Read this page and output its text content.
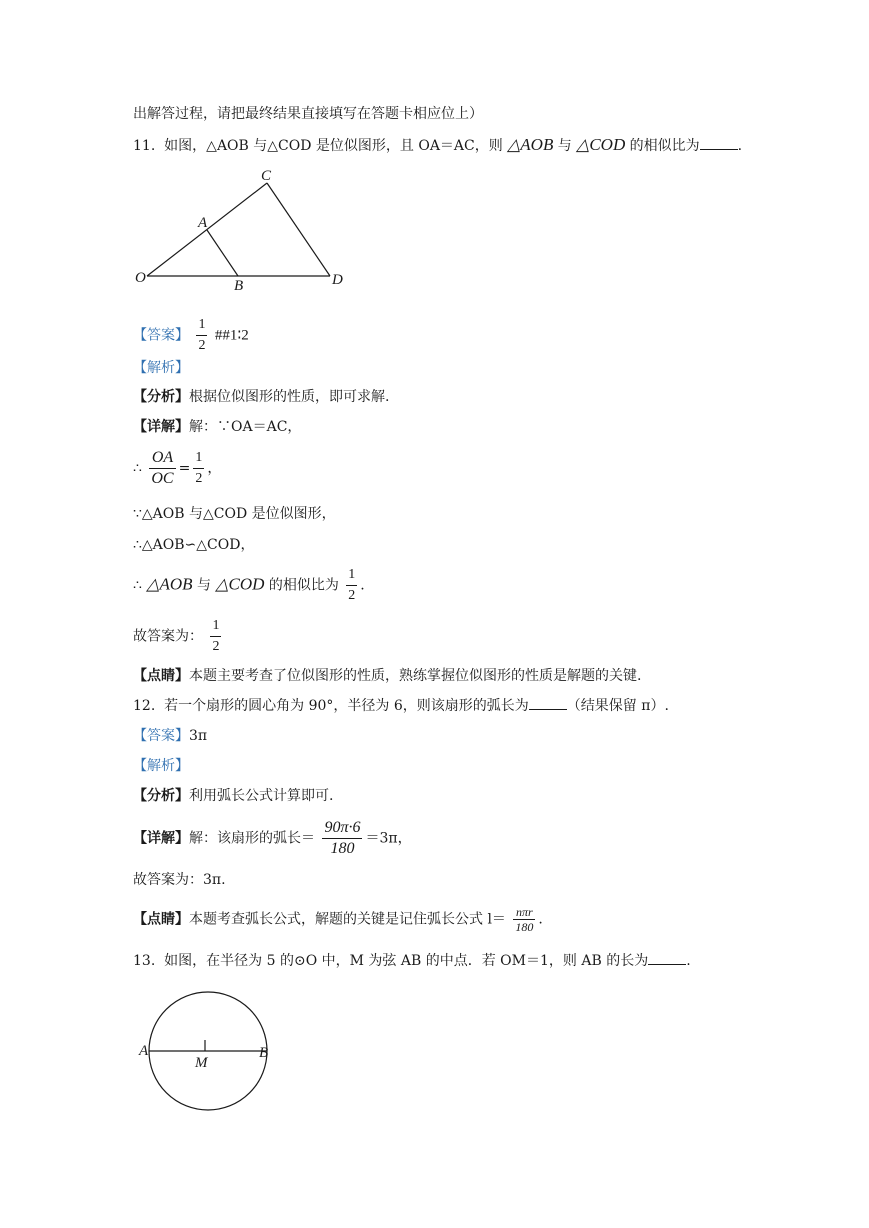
出解答过程，请把最终结果直接填写在答题卡相应位上）
11. 如图，△AOB 与△COD 是位似图形，且 OA＝AC，则 △AOB 与 △COD 的相似比为	.
C
A
O	B	D
【答案】 $\frac{1}{2}$ ##1∶2
【解析】
【分析】根据位似图形的性质，即可求解.
【详解】解：∵OA＝AC，
∴ $\frac{OA}{OC} = \frac{1}{2}$ ，
∵△AOB 与△COD 是位似图形，
∴△AOB∽△COD，
∴ △AOB 与 △COD 的相似比为 $\frac{1}{2}$ .
故答案为： $\frac{1}{2}$
【点睛】本题主要考查了位似图形的性质，熟练掌握位似图形的性质是解题的关键.
12. 若一个扇形的圆心角为 90°，半径为 6，则该扇形的弧长为	（结果保留 π）.
【答案】3π
【解析】
【分析】利用弧长公式计算即可.
【详解】解：该扇形的弧长＝ $\frac{90\pi\cdot 6}{180} =3\pi$，
故答案为：3π.
【点睛】本题考查弧长公式，解题的关键是记住弧长公式 $l= \frac{\text{nπr}}{180}$ .
13. 如图，在半径为 5 的⊙O 中，M 为弦 AB 的中点．若 OM＝1，则 AB 的长为	.
A
M
B
